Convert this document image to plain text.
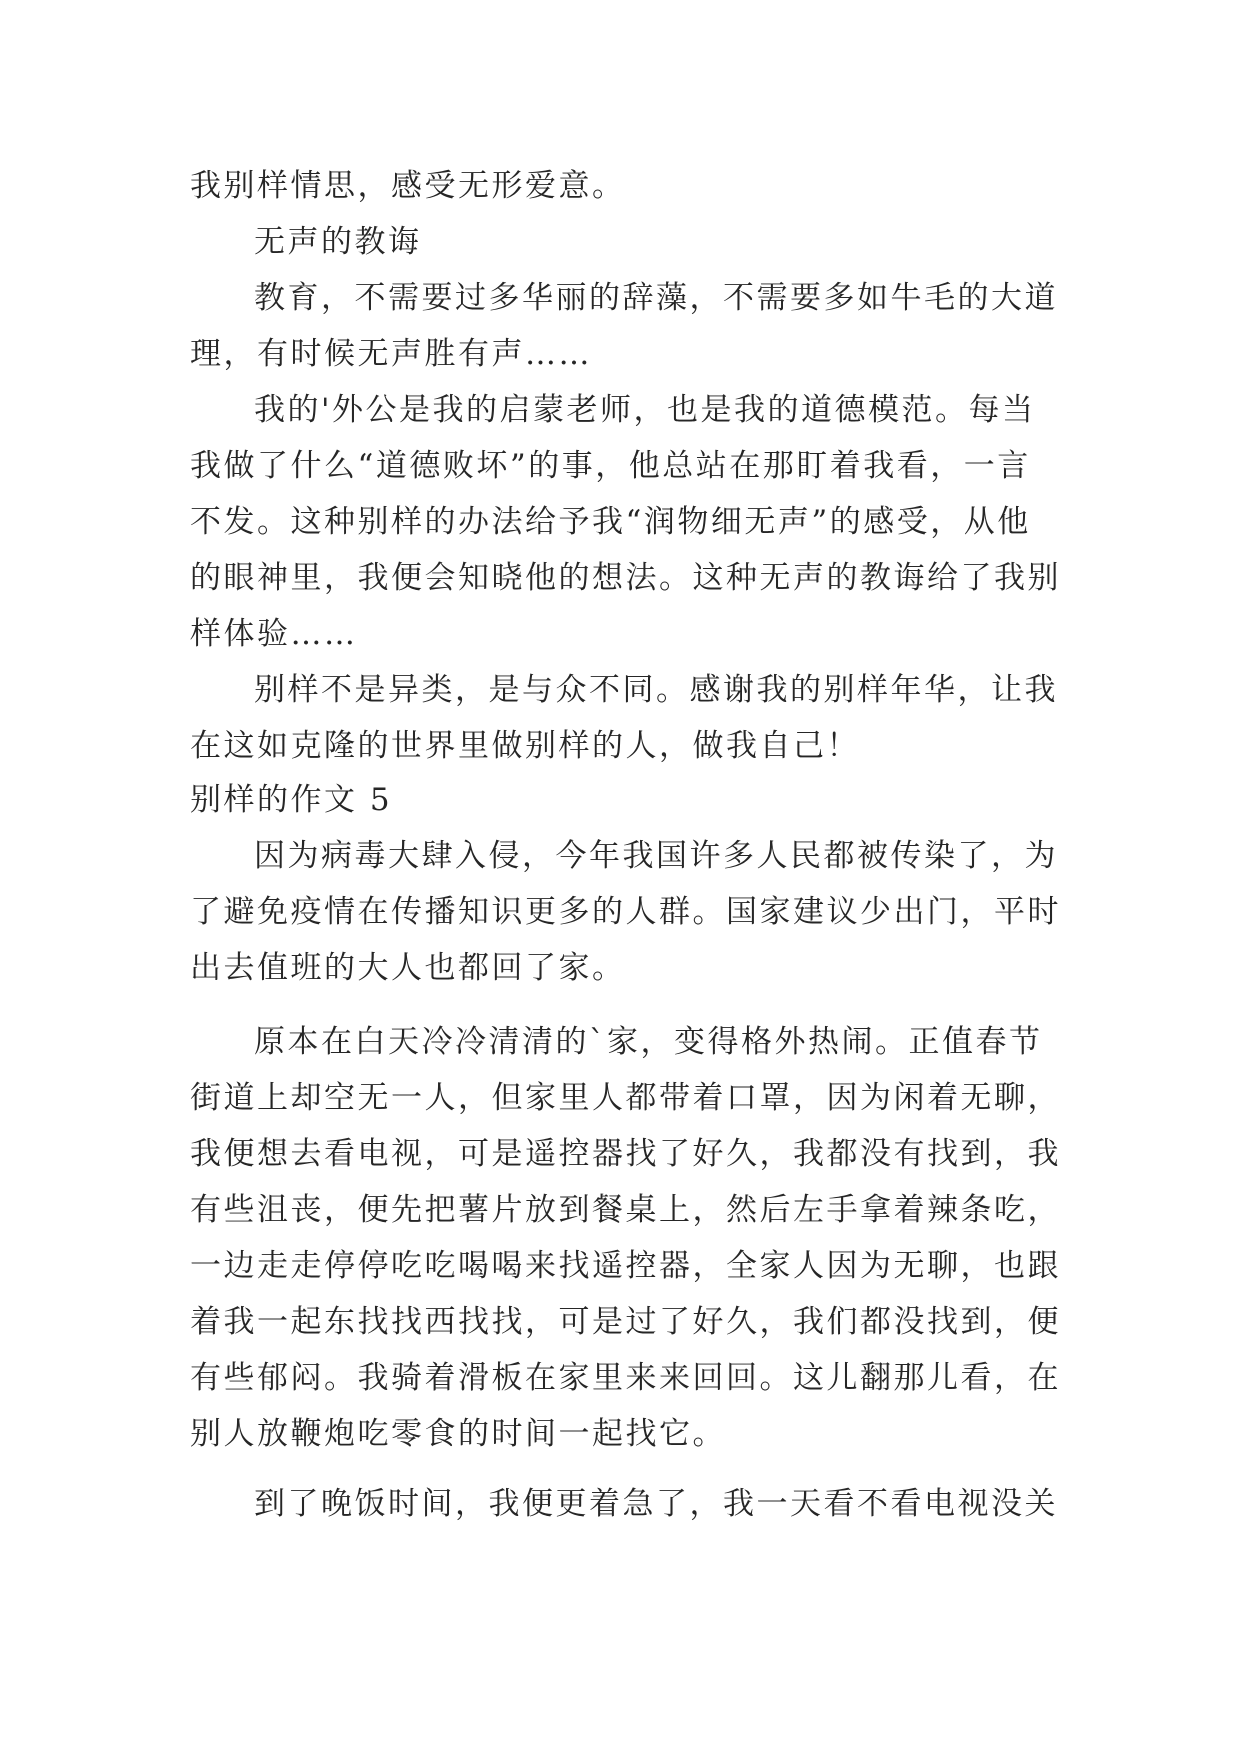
我别样情思，感受无形爱意。
无声的教诲
教育，不需要过多华丽的辞藻，不需要多如牛毛的大道
理，有时候无声胜有声……
我的'外公是我的启蒙老师，也是我的道德模范。每当
我做了什么“道德败坏”的事，他总站在那盯着我看，一言
不发。这种别样的办法给予我“润物细无声”的感受，从他
的眼神里，我便会知晓他的想法。这种无声的教诲给了我别
样体验……
别样不是异类，是与众不同。感谢我的别样年华，让我
在这如克隆的世界里做别样的人，做我自己！
别样的作文 5
因为病毒大肆入侵，今年我国许多人民都被传染了，为
了避免疫情在传播知识更多的人群。国家建议少出门，平时
出去值班的大人也都回了家。
原本在白天冷冷清清的`家，变得格外热闹。正值春节
街道上却空无一人，但家里人都带着口罩，因为闲着无聊，
我便想去看电视，可是遥控器找了好久，我都没有找到，我
有些沮丧，便先把薯片放到餐桌上，然后左手拿着辣条吃，
一边走走停停吃吃喝喝来找遥控器，全家人因为无聊，也跟
着我一起东找找西找找，可是过了好久，我们都没找到，便
有些郁闷。我骑着滑板在家里来来回回。这儿翻那儿看，在
别人放鞭炮吃零食的时间一起找它。
到了晚饭时间，我便更着急了，我一天看不看电视没关
